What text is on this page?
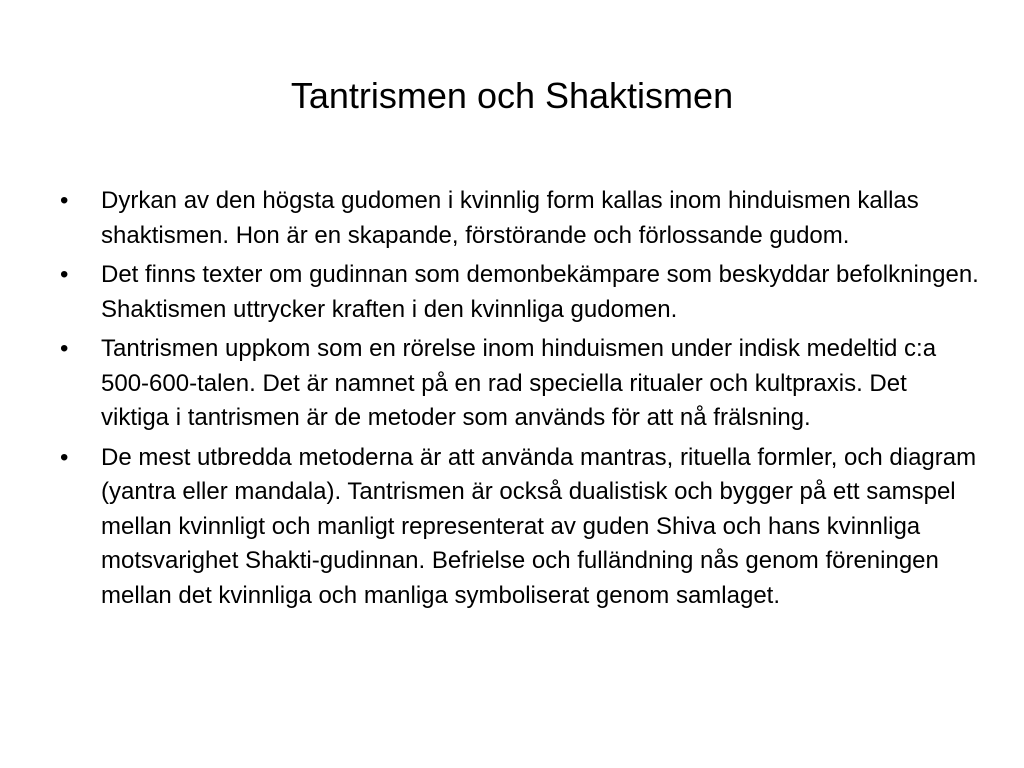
Tantrismen och Shaktismen
•	Dyrkan av den högsta gudomen i kvinnlig form kallas inom hinduismen kallas shaktismen. Hon är en skapande, förstörande och förlossande gudom.
•	Det finns texter om gudinnan som demonbekämpare som beskyddar befolkningen. Shaktismen uttrycker kraften i den kvinnliga gudomen.
•	Tantrismen uppkom som en rörelse inom hinduismen under indisk medeltid c:a 500-600-talen. Det är namnet på en rad speciella ritualer och kultpraxis. Det viktiga i tantrismen är de metoder som används för att nå frälsning.
•	De mest utbredda metoderna är att använda mantras, rituella formler, och diagram (yantra eller mandala). Tantrismen är också dualistisk och bygger på ett samspel mellan kvinnligt och manligt representerat av guden Shiva och hans kvinnliga motsvarighet Shakti-gudinnan. Befrielse och fulländning nås genom föreningen mellan det kvinnliga och manliga symboliserat genom samlaget.
